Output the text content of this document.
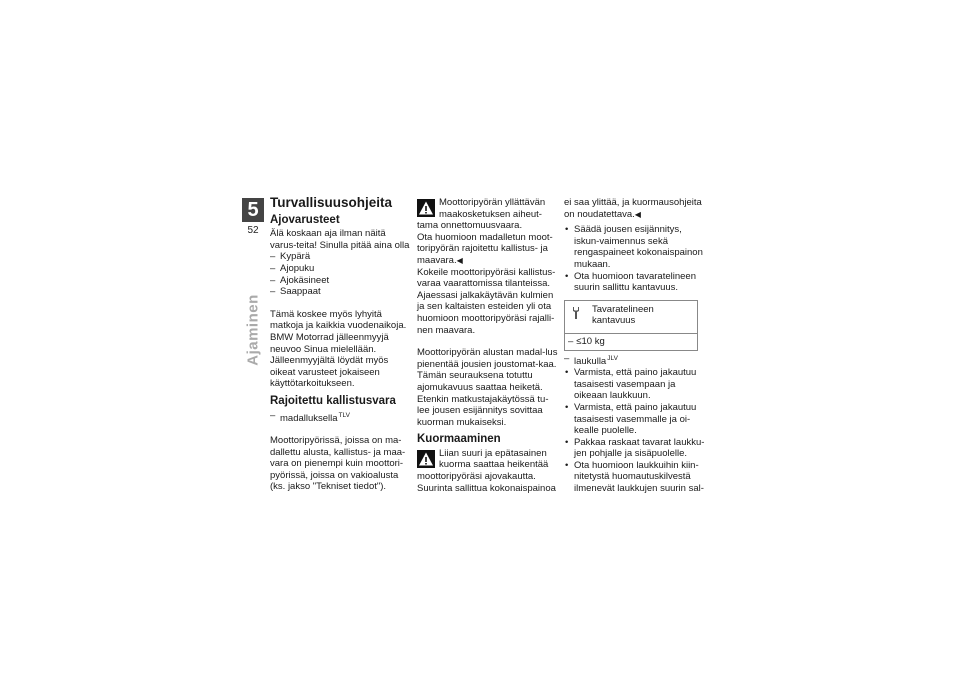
5
52
Ajaminen
Turvallisuusohjeita
Ajovarusteet

Älä koskaan aja ilman näitä varus-teita! Sinulla pitää aina olla

– Kypärä
– Ajopuku
– Ajokäsineet
– Saappaat

Tämä koskee myös lyhyitä matkoja ja kaikkia vuodenaikoja. BMW Motorrad jälleenmyyjä neuvoo Sinua mielellään. Jälleenmyyjältä löydät myös oikeat varusteet jokaiseen käyttötarkoitukseen.

Rajoitettu kallistusvara
– madalluksella$^{TLV}$

Moottoripyörissä, joissa on ma-dallettu alusta, kallistus- ja maa-vara on pienempi kuin moottori-pyörissä, joissa on vakioalusta (ks. jakso "Tekniset tiedot").

Moottoripyörän yllättävän maakosketuksen aiheut-tama onnettomuusvaara.

Ota huomioon madalletun moot-toripyörän rajoitettu kallistus- ja maavara.◀

Kokeile moottoripyöräsi kallistus-varaa vaarattomissa tilanteissa. Ajaessasi jalkakäytävän kulmien ja sen kaltaisten esteiden yli ota huomioon moottoripyöräsi rajalli-nen maavara.

Moottoripyörän alustan madal-lus pienentää jousien joustomat-kaa. Tämän seurauksena totuttu ajomukavuus saattaa heiketä. Etenkin matkustajakäytössä tu-lee jousen esijännitys sovittaa kuorman mukaiseksi.

Kuormaaminen

Liian suuri ja epätasainen kuorma saattaa heikentää

moottoripyöräsi ajovakautta.

Suurinta sallittua kokonaispainoa

ei saa ylittää, ja kuormausohjeita on noudatettava.◀

• Säädä jousen esijännitys, iskun-vaimennus sekä rengaspaineet kokonaispainon mukaan.
• Ota huomioon tavaratelineen suurin sallittu kantavuus.
Tavaratelineen kantavuus
– ≤10 kg
– laukulla$^{JLV}$
• Varmista, että paino jakautuu tasaisesti vasempaan ja oikeaan laukkuun.
• Varmista, että paino jakautuu tasaisesti vasemmalle ja oi-kealle puolelle.
• Pakkaa raskaat tavarat laukku-jen pohjalle ja sisäpuolelle.
• Ota huomioon laukkuihin kiin-nitetystä huomautuskilvestä ilmenevät laukkujen suurin sal-
